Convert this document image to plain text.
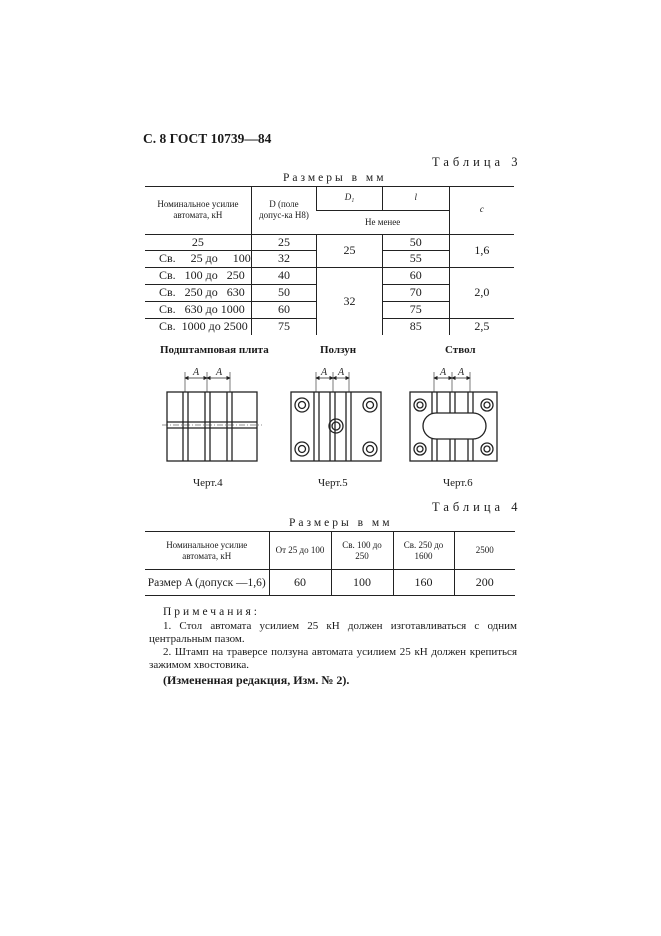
С. 8 ГОСТ 10739—84
Таблица 3
Размеры в мм
Номинальное усилие автомата, кН	D (поле допус-ка H8)	D₁	l	c
		Не менее		
25	25	25	50	1,6
Св.     25 до     100	32		55	
Св.   100 до   250	40	32	60	2,0
Св.   250 до   630	50		70	
Св.   630 до 1000	60		75	
Св.  1000 до 2500	75		85	2,5
Подштамповая плита	Ползун	Ствол
A A	A A	A A
Черт.4	Черт.5	Черт.6
Таблица 4
Размеры в мм
Номинальное усилие автомата, кН	От 25 до 100	Св. 100 до 250	Св. 250 до 1600	2500
Размер A (допуск —1,6)	60	100	160	200
Примечания:
1. Стол автомата усилием 25 кН должен изготавливаться с одним центральным пазом.
2. Штамп на траверсе ползуна автомата усилием 25 кН должен крепиться зажимом хвостовика.
(Измененная редакция, Изм. № 2).
